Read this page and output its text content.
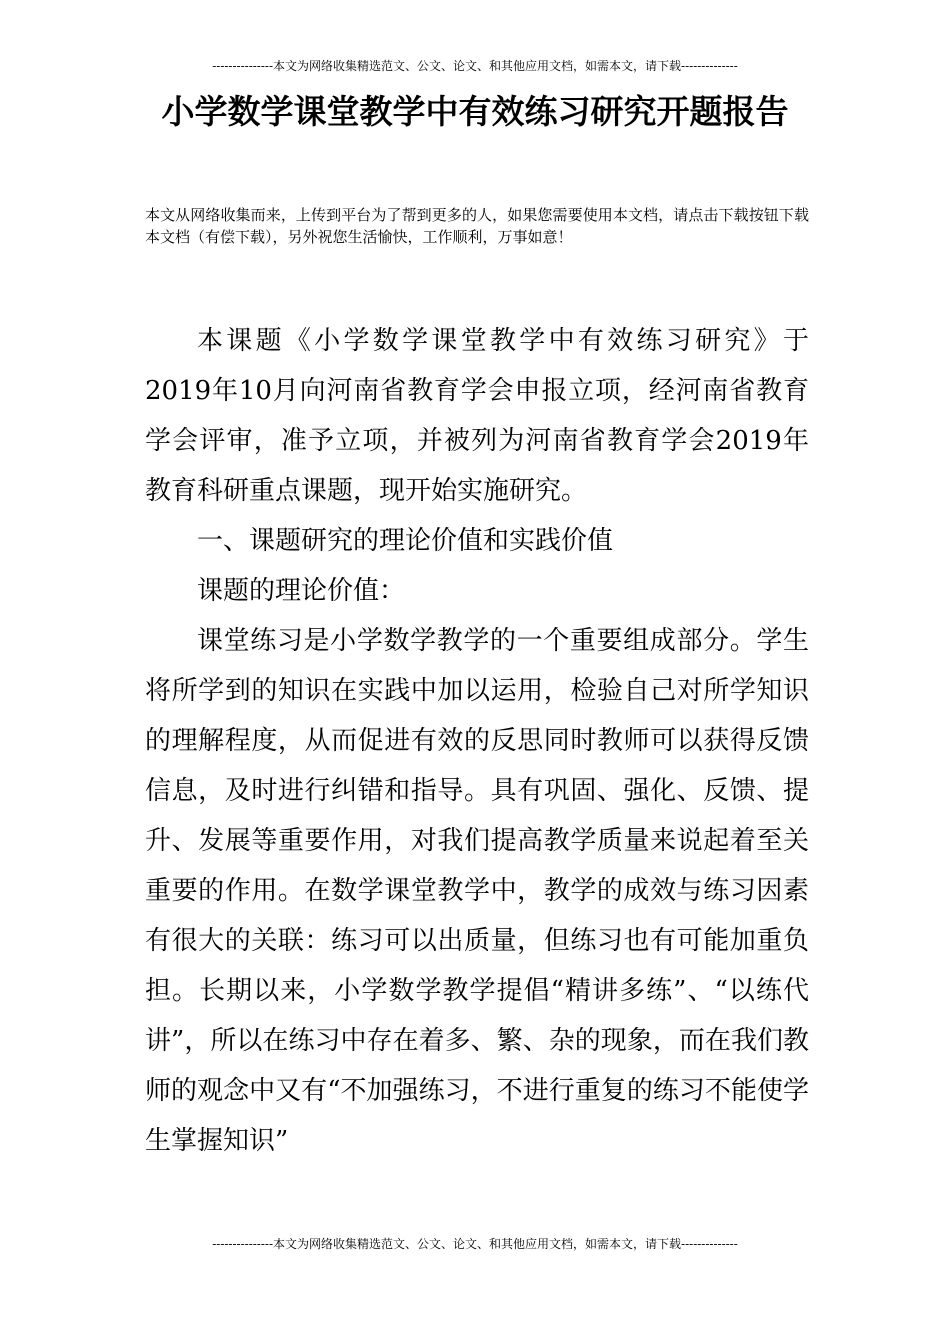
---------------本文为网络收集精选范文、公文、论文、和其他应用文档，如需本文，请下载--------------
小学数学课堂教学中有效练习研究开题报告

本文从网络收集而来，上传到平台为了帮到更多的人，如果您需要使用本文档，请点击下载按钮下载本文档（有偿下载），另外祝您生活愉快，工作顺利，万事如意！

本课题《小学数学课堂教学中有效练习研究》于2019年10月向河南省教育学会申报立项，经河南省教育学会评审，准予立项，并被列为河南省教育学会2019年教育科研重点课题，现开始实施研究。

一、课题研究的理论价值和实践价值

课题的理论价值：

课堂练习是小学数学教学的一个重要组成部分。学生将所学到的知识在实践中加以运用，检验自己对所学知识的理解程度，从而促进有效的反思同时教师可以获得反馈信息，及时进行纠错和指导。具有巩固、强化、反馈、提升、发展等重要作用，对我们提高教学质量来说起着至关重要的作用。在数学课堂教学中，教学的成效与练习因素有很大的关联：练习可以出质量，但练习也有可能加重负担。长期以来，小学数学教学提倡“精讲多练”、“以练代讲”，所以在练习中存在着多、繁、杂的现象，而在我们教师的观念中又有“不加强练习，不进行重复的练习不能使学生掌握知识”

---------------本文为网络收集精选范文、公文、论文、和其他应用文档，如需本文，请下载--------------
